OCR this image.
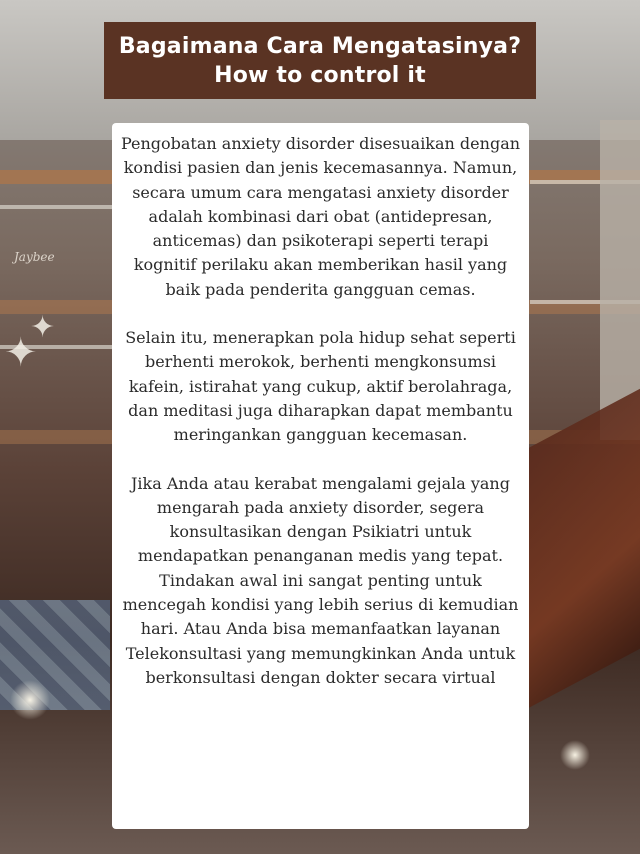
✦
✦
Jaybee
Bagaimana Cara Mengatasinya?
How to control it

Pengobatan anxiety disorder disesuaikan dengan kondisi pasien dan jenis kecemasannya. Namun, secara umum cara mengatasi anxiety disorder adalah kombinasi dari obat (antidepresan, anticemas) dan psikoterapi seperti terapi kognitif perilaku akan memberikan hasil yang baik pada penderita gangguan cemas.

Selain itu, menerapkan pola hidup sehat seperti berhenti merokok, berhenti mengkonsumsi kafein, istirahat yang cukup, aktif berolahraga, dan meditasi juga diharapkan dapat membantu meringankan gangguan kecemasan.

Jika Anda atau kerabat mengalami gejala yang mengarah pada anxiety disorder, segera konsultasikan dengan Psikiatri untuk mendapatkan penanganan medis yang tepat. Tindakan awal ini sangat penting untuk mencegah kondisi yang lebih serius di kemudian hari. Atau Anda bisa memanfaatkan layanan Telekonsultasi yang memungkinkan Anda untuk berkonsultasi dengan dokter secara virtual
